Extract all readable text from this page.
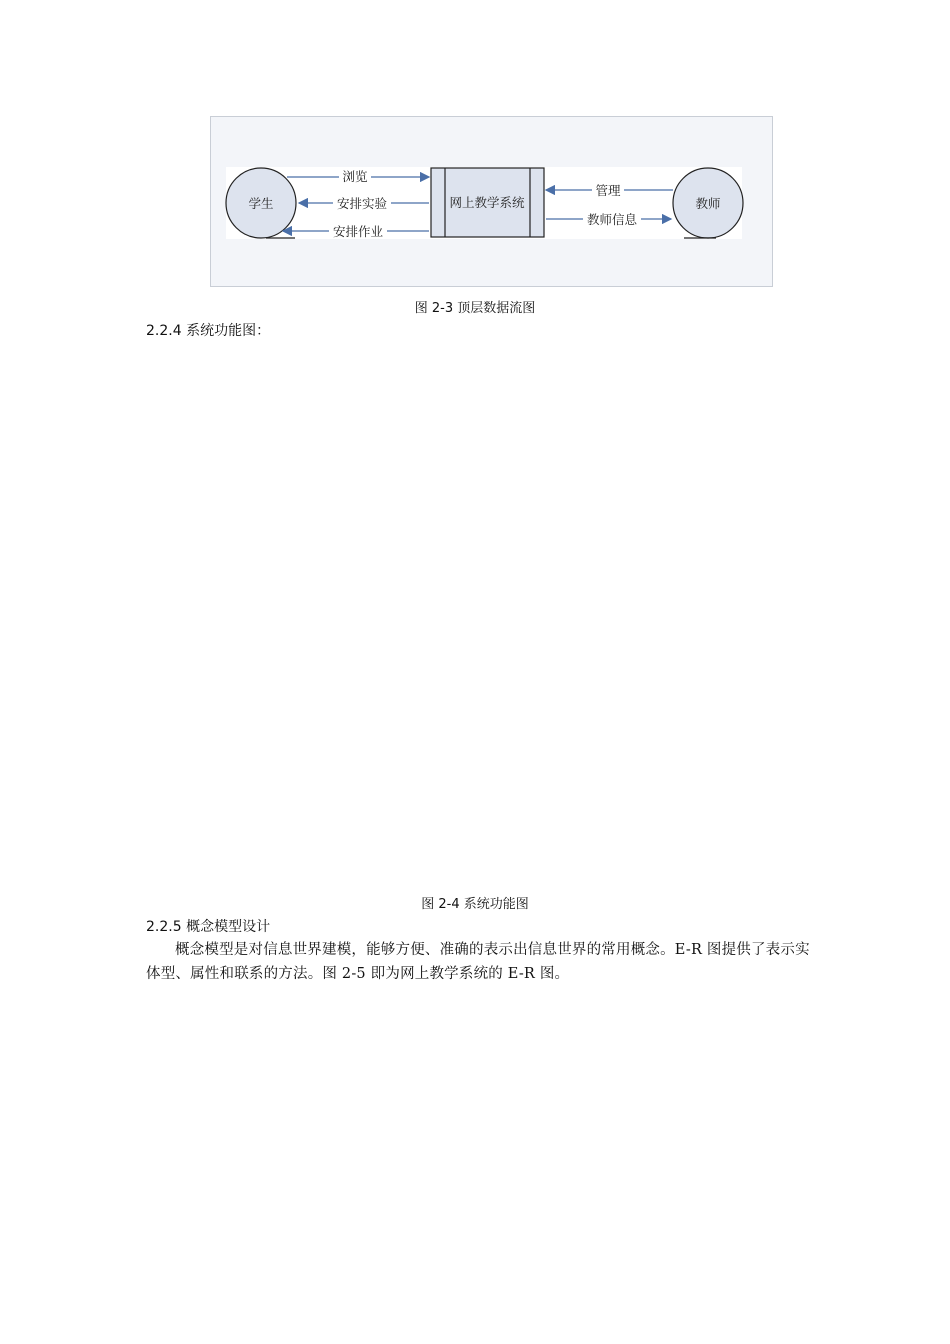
学生	网上教学系统	教师
浏览
安排实验
安排作业
管理
教师信息
图 2-3 顶层数据流图
2.2.4 系统功能图：
图 2-4 系统功能图
2.2.5 概念模型设计

概念模型是对信息世界建模，能够方便、准确的表示出信息世界的常用概念。E-R 图提供了表示实体型、属性和联系的方法。图 2-5 即为网上教学系统的 E-R 图。
